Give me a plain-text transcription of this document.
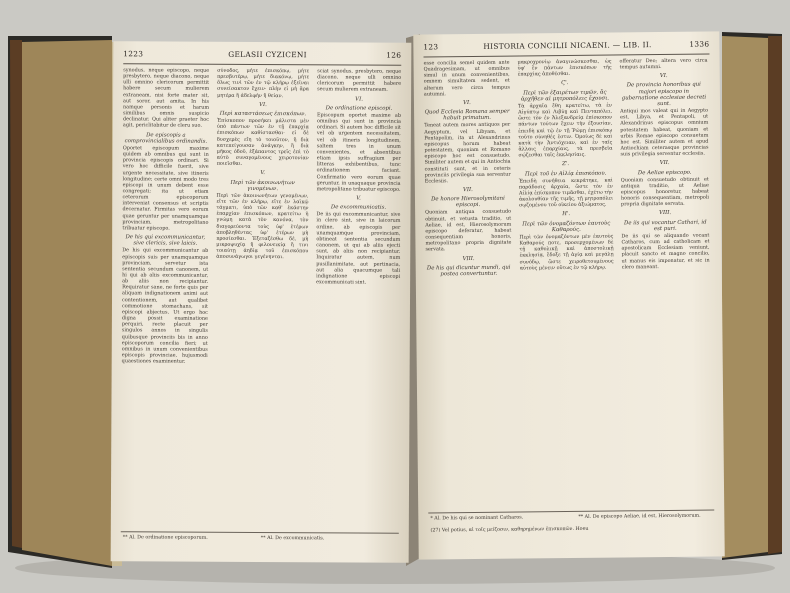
1223	GELASII CYZICENI	126
synodus, neque episcopo, neque presbytero, neque diacono, neque ulli omnino clericorum permittit habere secum mulierem extraneam, nisi forte mater sit, aut soror, aut amita. In his namque personis et harum similibus omnis suspicio declinatur. Qui aliter praeter hoc agit, periclitabitur de cleru suo.
De episcopis a comprovincialibus ordinandis.
Oportet episcopum maxime quidem ab omnibus qui sunt in provincia episcopis ordinari. Si vero hoc difficile fuerit, sive urgente necessitate, sive itineris longitudine; certe omni modo tres episcopi in unum debent esse congregati; ita ut etiam ceterorum episcoporum interveniat consensus et scriptis decernatur. Firmitas vero eorum quae geruntur per unamquamque provinciam, metropolitano tribuatur episcopo.
De his qui excommunicantur, sive clericis, sive laicis.
De his qui excommunicantur ab episcopis suis per unamquamque provinciam, servetur ista sententia secundum canonem, ut hi qui ab aliis excommunicantur, ab aliis non recipiantur. Requiratur sane, ne forte quis per aliquam indignationem animi aut contentionem, aut qualibet commotione stomachans, sit episcopi abjectus. Ut ergo hoc digna possit examinatione perquiri, recte placuit per singulos annos in singulis quibusque provinciis bis in anno episcoporum concilia fieri; ut omnibus in unum convenientibus episcopis provinciae, hujusmodi quaestiones examinentur.
σύνοδος, μήτε ἐπισκόπῳ, μήτε πρεσβυτέρῳ, μήτε διακόνῳ, μήτε ὅλως τινὶ τῶν ἐν τῷ κλήρῳ ἐξεῖναι συνείσακτον ἔχειν· πλὴν εἰ μὴ ἄρα μητέρα ἢ ἀδελφὴν ἢ θείαν.
VI.
Περὶ καταστάσεως ἐπισκόπων.
Ἐπίσκοπον προσήκει μάλιστα μὲν ὑπὸ πάντων τῶν ἐν τῇ ἐπαρχίᾳ ἐπισκόπων καθίστασθαι· εἰ δὲ δυσχερὲς εἴη τὸ τοιοῦτον, ἢ διὰ κατεπείγουσαν ἀνάγκην, ἢ διὰ μῆκος ὁδοῦ, ἐξάπαντος τρεῖς ἐπὶ τὸ αὐτὸ συναγομένους χειροτονίαν ποιεῖσθαι.
V.
Περὶ τῶν ἀκοινωνήτων γινομένων.
Περὶ τῶν ἀκοινωνήτων γενομένων, εἴτε τῶν ἐν κλήρῳ, εἴτε ἐν λαϊκῷ τάγματι, ὑπὸ τῶν καθ' ἑκάστην ἐπαρχίαν ἐπισκόπων, κρατείτω ἡ γνώμη κατὰ τὸν κανόνα, τὸν διαγορεύοντα τοὺς ὑφ' ἑτέρων ἀποβληθέντας ὑφ' ἑτέρων μὴ προσίεσθαι. Ἐξεταζέσθω δέ, μὴ μικροψυχίᾳ ἢ φιλονεικίᾳ ἤ τινι τοιαύτῃ ἀηδίᾳ τοῦ ἐπισκόπου ἀποσυνάγωγοι γεγένηνται.
sciat synodus, presbytero, neque diacono, neque ulli omnino clericorum permittit habere secum mulierem extraneam.
VI.
De ordinatione episcopi.
Episcopum oportet maxime ab omnibus qui sunt in provincia ordinari. Si autem hoc difficile sit vel ob urgentem necessitatem, vel ob itineris longitudinem, saltem tres in unum convenientes, et absentibus etiam ipsis suffragium per litteras exhibentibus, tunc ordinationem faciant. Confirmatio vero eorum quae geruntur, in unaquaque provincia metropolitano tribuatur episcopo.
V.
De excommunicatis.
De iis qui excommunicantur, sive in clero sint, sive in laicorum ordine, ab episcopis per unamquamque provinciam, obtineat sententia secundum canonem, ut qui ab aliis ejecti sunt, ab aliis non recipiantur. Inquiratur autem, num pusillanimitate, aut pertinacia, aut alia quacumque tali indignatione episcopi excommunicati sint.
** Al. De ordinatione episcoporum.	** Al. De excommunicatis.
123	HISTORIA CONCILII NICAENI. — LIB. II.	1336
esse concilia semel quidem ante Quadragesimam, ut omnibus simul in unum convenientibus, omnem simultatem sedent, et alterum vero circa tempus autumni.
VI.
Quod Ecclesia Romana semper habuit primatum.
Teneat autem mores antiquos per Aegyptum, vel Libyam, et Pentapolim, ita ut Alexandrinus episcopus horum habeat potestatem, quoniam et Romano episcopo hoc est consuetudo. Similiter autem et qui in Antiochia constituti sunt, et in ceteris provinciis privilegia sua serventur Ecclesiis.
VII.
De honore Hierosolymitani episcopi.
Quoniam antiqua consuetudo obtinuit, et vetusta traditio, ut Aeliae, id est, Hierosolymorum episcopo deferatur, habeat consequentiam honoris, metropolitano propria dignitate servata.
VIII.
De his qui dicuntur mundi, qui postea convertuntur.
μακροχρονίῳ ἀναγινώσκεσθαι, ὡς ὑφ' ἓν πάντων ἐπισκόπων τῆς ἐπαρχίας ἀποθέσθαι.
Ϛ'.
Περὶ τῶν ἐξαιρέτων τιμῶν, ἃς ἀρχῆθεν αἱ μητροπόλεις ἔχουσι.
Τὰ ἀρχαῖα ἔθη κρατείτω, τὰ ἐν Αἰγύπτῳ καὶ Λιβύῃ καὶ Πενταπόλει, ὥστε τὸν ἐν Ἀλεξανδρείᾳ ἐπίσκοπον πάντων τούτων ἔχειν τὴν ἐξουσίαν, ἐπειδὴ καὶ τῷ ἐν τῇ Ῥώμῃ ἐπισκόπῳ τοῦτο σύνηθές ἐστιν. Ὁμοίως δὲ καὶ κατὰ τὴν Ἀντιόχειαν, καὶ ἐν ταῖς ἄλλαις ἐπαρχίαις, τὰ πρεσβεῖα σῴζεσθαι ταῖς ἐκκλησίαις.
Ζ'.
Περὶ τοῦ ἐν Αἰλίᾳ ἐπισκόπου.
Ἐπειδὴ συνήθεια κεκράτηκε, καὶ παράδοσις ἀρχαία, ὥστε τὸν ἐν Αἰλίᾳ ἐπίσκοπον τιμᾶσθαι, ἐχέτω τὴν ἀκολουθίαν τῆς τιμῆς, τῇ μητροπόλει σῳζομένου τοῦ οἰκείου ἀξιώματος.
Η'.
Περὶ τῶν ὀνομαζόντων ἑαυτοὺς Καθαρούς.
Περὶ τῶν ὀνομαζόντων μὲν ἑαυτοὺς Καθαρούς ποτε, προσερχομένων δὲ τῇ καθολικῇ καὶ ἀποστολικῇ ἐκκλησίᾳ, ἔδοξε τῇ ἁγίᾳ καὶ μεγάλῃ συνόδῳ, ὥστε χειροθετουμένους αὐτοὺς μένειν οὕτως ἐν τῷ κλήρῳ.
offeratur Deo; altera vero circa tempus autumni.
VI.
De provincia honoribus qui majori episcopo in gubernatione ecclesiae decreti sunt.
Antiqui mos valeat qui in Aegypto est, Libya, et Pentapoli, ut Alexandrinus episcopus omnium potestatem habeat, quoniam et urbis Romae episcopo consuetum hoc est. Similiter autem et apud Antiochiam ceterasque provincias suis privilegia serventur ecclesiis.
VII.
De Aeliae episcopo.
Quoniam consuetudo obtinuit et antiqua traditio, ut Aeliae episcopus honoretur, habeat honoris consequentiam, metropoli propria dignitate servata.
VIII.
De iis qui vocantur Cathari, id est puri.
De iis qui se aliquando vocant Catharos, cum ad catholicam et apostolicam Ecclesiam veniunt, placuit sancto et magno concilio, ut manus eis imponatur, et sic in clero maneant.
* Al. De his qui se nominant Catharos.	** Al. De episcopo Aeliae, id est, Hierosolymorum.
(27) Vel potius, αἱ τοῖς μείζοσιν, καθηρημένων ἐπισκοπῶν. Hoeu
